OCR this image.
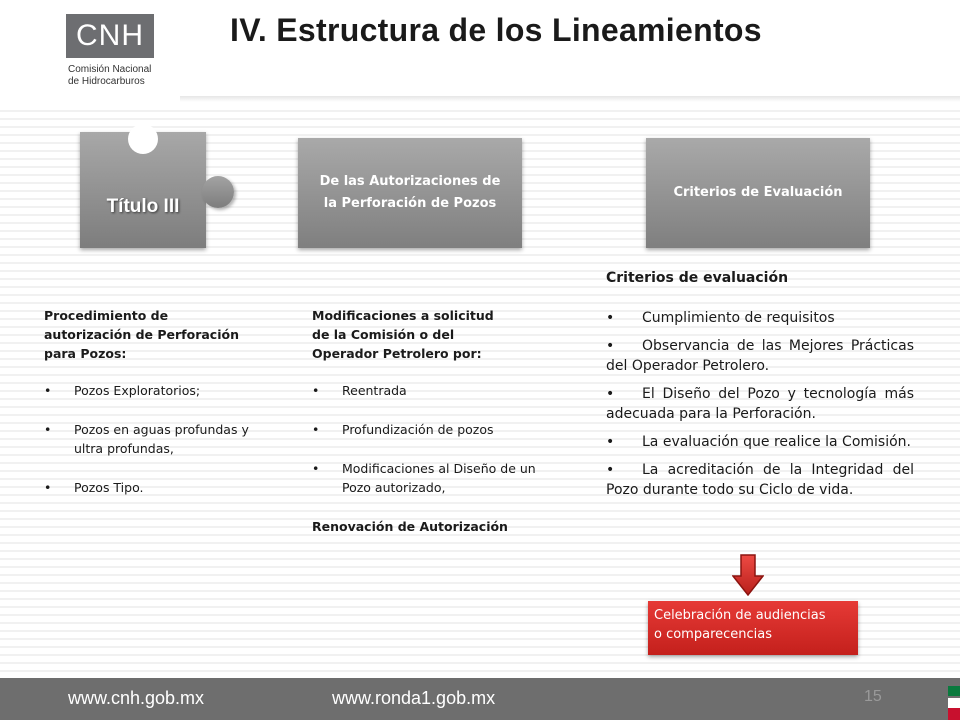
CNH
Comisión Nacional
de Hidrocarburos
IV. Estructura de los Lineamientos
Título III
De las Autorizaciones de
la Perforación de Pozos
Criterios de Evaluación
Procedimiento de
autorización de Perforación
para Pozos:
• Pozos Exploratorios;
• Pozos en aguas profundas y ultra profundas,
• Pozos Tipo.
Modificaciones a solicitud
de la Comisión o del
Operador Petrolero por:
• Reentrada
• Profundización de pozos
• Modificaciones al Diseño de un Pozo autorizado,
Renovación de Autorización
Criterios de evaluación
• Cumplimiento de requisitos
• Observancia de las Mejores Prácticas del Operador Petrolero.
• El Diseño del Pozo y tecnología más adecuada para la Perforación.
• La evaluación que realice la Comisión.
• La acreditación de la Integridad del Pozo durante todo su Ciclo de vida.
Celebración de audiencias
o comparecencias
www.cnh.gob.mx	www.ronda1.gob.mx	15
